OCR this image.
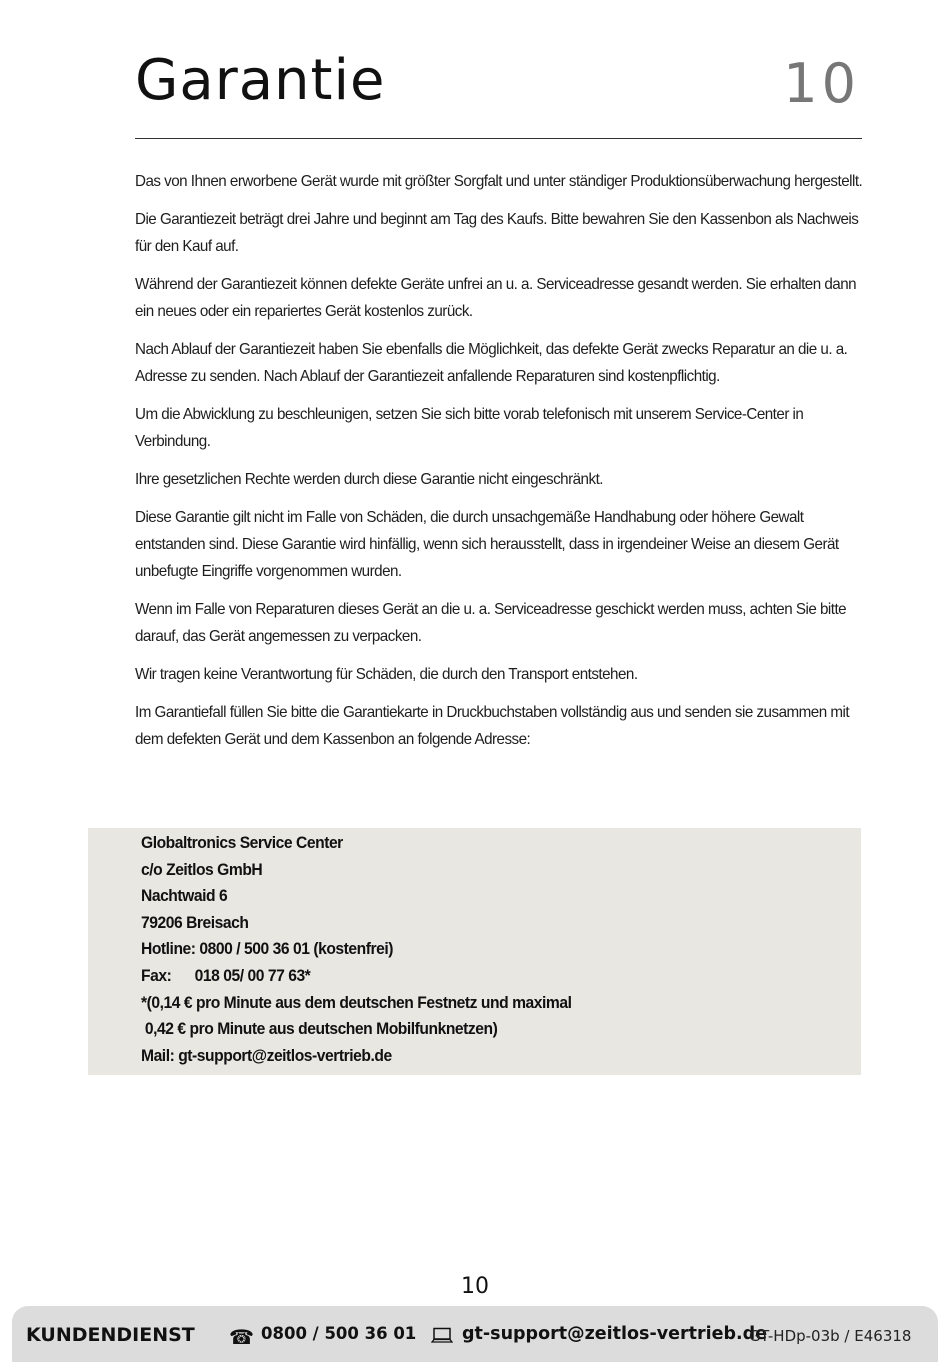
Garantie	10

Das von Ihnen erworbene Gerät wurde mit größter Sorgfalt und unter ständiger Produktionsüberwachung hergestellt.

Die Garantiezeit beträgt drei Jahre und beginnt am Tag des Kaufs. Bitte bewahren Sie den Kassenbon als Nachweis für den Kauf auf.

Während der Garantiezeit können defekte Geräte unfrei an u. a. Serviceadresse gesandt werden. Sie erhalten dann ein neues oder ein repariertes Gerät kostenlos zurück.

Nach Ablauf der Garantiezeit haben Sie ebenfalls die Möglichkeit, das defekte Gerät zwecks Reparatur an die u. a. Adresse zu senden. Nach Ablauf der Garantiezeit anfallende Reparaturen sind kostenpflichtig.

Um die Abwicklung zu beschleunigen, setzen Sie sich bitte vorab telefonisch mit unserem Service-Center in Verbindung.

Ihre gesetzlichen Rechte werden durch diese Garantie nicht eingeschränkt.

Diese Garantie gilt nicht im Falle von Schäden, die durch unsachgemäße Handhabung oder höhere Gewalt entstanden sind. Diese Garantie wird hinfällig, wenn sich herausstellt, dass in irgendeiner Weise an diesem Gerät unbefugte Eingriffe vorgenommen wurden.

Wenn im Falle von Reparaturen dieses Gerät an die u. a. Serviceadresse geschickt werden muss, achten Sie bitte darauf, das Gerät angemessen zu verpacken.

Wir tragen keine Verantwortung für Schäden, die durch den Transport entstehen.

Im Garantiefall füllen Sie bitte die Garantiekarte in Druckbuchstaben vollständig aus und senden sie zusammen mit dem defekten Gerät und dem Kassenbon an folgende Adresse:

Globaltronics Service Center
c/o Zeitlos GmbH
Nachtwaid 6
79206 Breisach
Hotline: 0800 / 500 36 01 (kostenfrei)
Fax:      018 05/ 00 77 63*
*(0,14 € pro Minute aus dem deutschen Festnetz und maximal
0,42 € pro Minute aus deutschen Mobilfunknetzen)
Mail: gt-support@zeitlos-vertrieb.de
10
KUNDENDIENST ☎ 0800 / 500 36 01	gt-support@zeitlos-vertrieb.de
GT-HDp-03b / E46318
